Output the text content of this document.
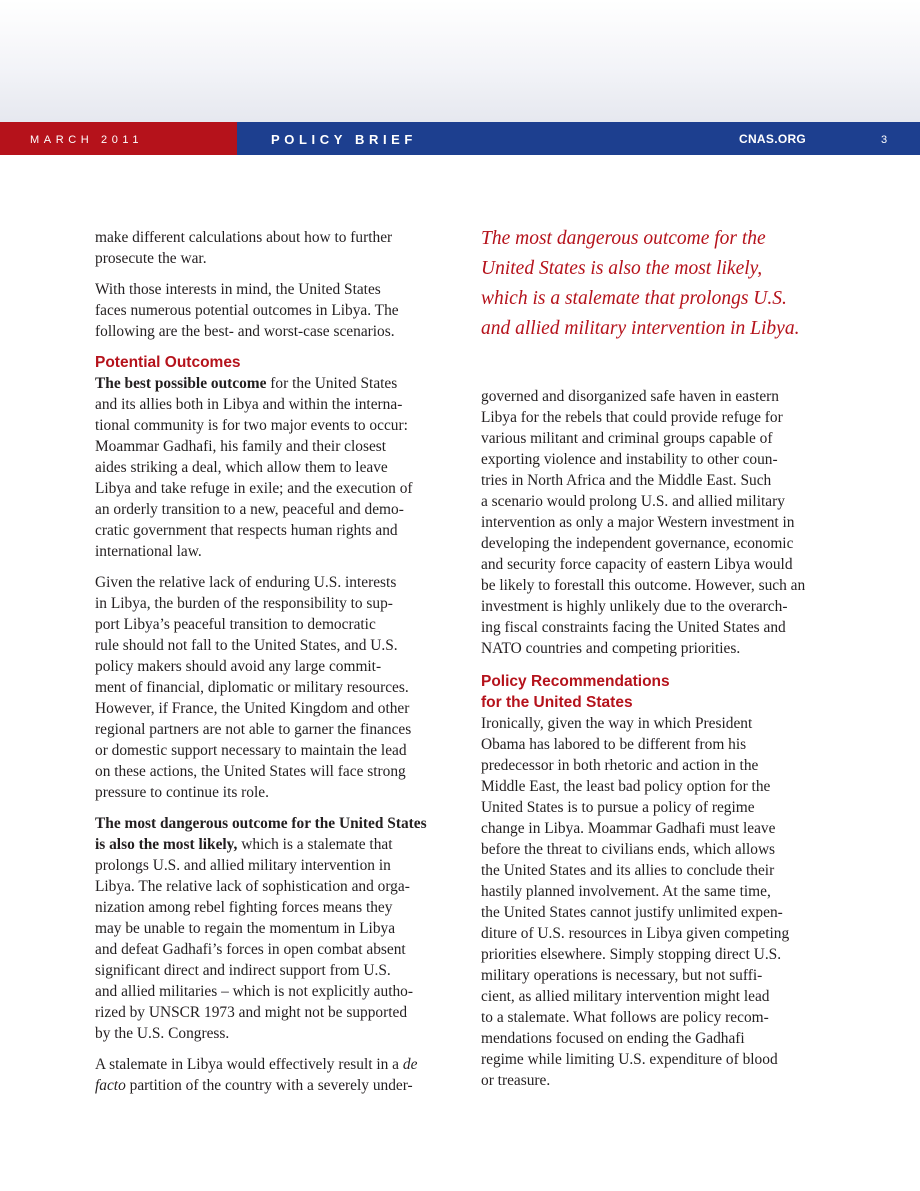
MARCH 2011	POLICY BRIEF	CNAS.ORG	3

make different calculations about how to further
prosecute the war.

With those interests in mind, the United States
faces numerous potential outcomes in Libya. The
following are the best- and worst-case scenarios.

Potential Outcomes

The best possible outcome for the United States
and its allies both in Libya and within the interna-
tional community is for two major events to occur:
Moammar Gadhafi, his family and their closest
aides striking a deal, which allow them to leave
Libya and take refuge in exile; and the execution of
an orderly transition to a new, peaceful and demo-
cratic government that respects human rights and
international law.

Given the relative lack of enduring U.S. interests
in Libya, the burden of the responsibility to sup-
port Libya’s peaceful transition to democratic
rule should not fall to the United States, and U.S.
policy makers should avoid any large commit-
ment of financial, diplomatic or military resources.
However, if France, the United Kingdom and other
regional partners are not able to garner the finances
or domestic support necessary to maintain the lead
on these actions, the United States will face strong
pressure to continue its role.

The most dangerous outcome for the United States
is also the most likely, which is a stalemate that
prolongs U.S. and allied military intervention in
Libya. The relative lack of sophistication and orga-
nization among rebel fighting forces means they
may be unable to regain the momentum in Libya
and defeat Gadhafi’s forces in open combat absent
significant direct and indirect support from U.S.
and allied militaries – which is not explicitly autho-
rized by UNSCR 1973 and might not be supported
by the U.S. Congress.

A stalemate in Libya would effectively result in a de
facto partition of the country with a severely under-

The most dangerous outcome for the
United States is also the most likely,
which is a stalemate that prolongs U.S.
and allied military intervention in Libya.

governed and disorganized safe haven in eastern
Libya for the rebels that could provide refuge for
various militant and criminal groups capable of
exporting violence and instability to other coun-
tries in North Africa and the Middle East. Such
a scenario would prolong U.S. and allied military
intervention as only a major Western investment in
developing the independent governance, economic
and security force capacity of eastern Libya would
be likely to forestall this outcome. However, such an
investment is highly unlikely due to the overarch-
ing fiscal constraints facing the United States and
NATO countries and competing priorities.

Policy Recommendations
for the United States

Ironically, given the way in which President
Obama has labored to be different from his
predecessor in both rhetoric and action in the
Middle East, the least bad policy option for the
United States is to pursue a policy of regime
change in Libya. Moammar Gadhafi must leave
before the threat to civilians ends, which allows
the United States and its allies to conclude their
hastily planned involvement. At the same time,
the United States cannot justify unlimited expen-
diture of U.S. resources in Libya given competing
priorities elsewhere. Simply stopping direct U.S.
military operations is necessary, but not suffi-
cient, as allied military intervention might lead
to a stalemate. What follows are policy recom-
mendations focused on ending the Gadhafi
regime while limiting U.S. expenditure of blood
or treasure.
